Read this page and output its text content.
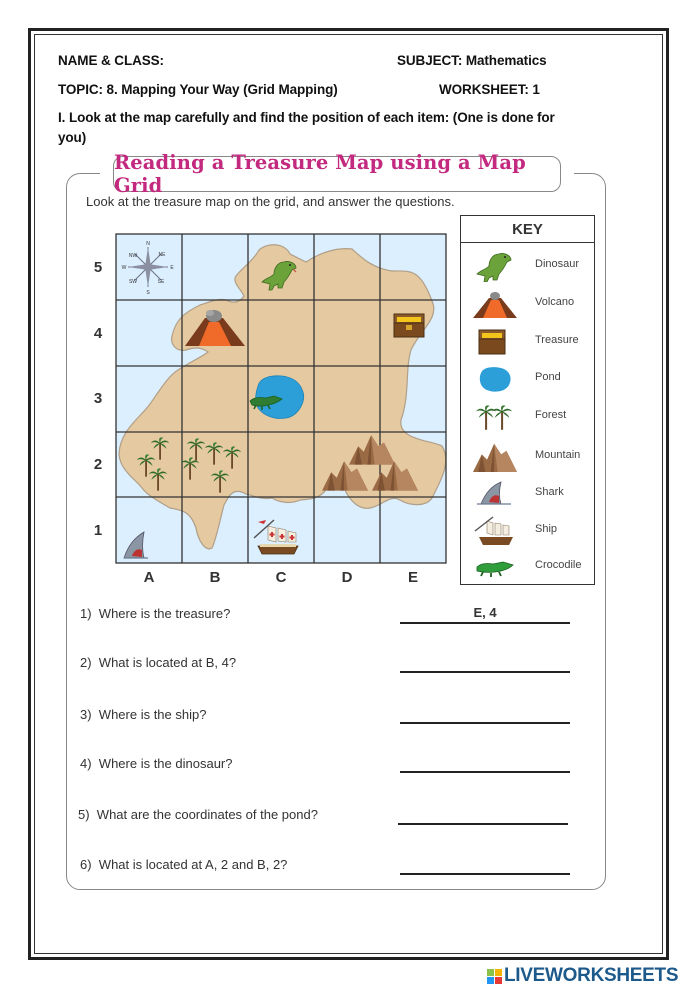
NAME & CLASS:	SUBJECT: Mathematics
TOPIC: 8. Mapping Your Way (Grid Mapping)	WORKSHEET: 1
I. Look at the map carefully and find the position of each item: (One is done for
you)
Reading a Treasure Map using a Map Grid
Look at the treasure map on the grid, and answer the questions.
5
4
3
2
1
A	B	C	D	E
N
NE
E
SE
S
SW
W
NW
KEY
Dinosaur
Volcano
Treasure
Pond
Forest
Mountain
Shark
Ship
Crocodile
1) Where is the treasure?	E, 4
2) What is located at B, 4?
3) Where is the ship?
4) Where is the dinosaur?
5) What are the coordinates of the pond?
6) What is located at A, 2 and B, 2?
LIVEWORKSHEETS
